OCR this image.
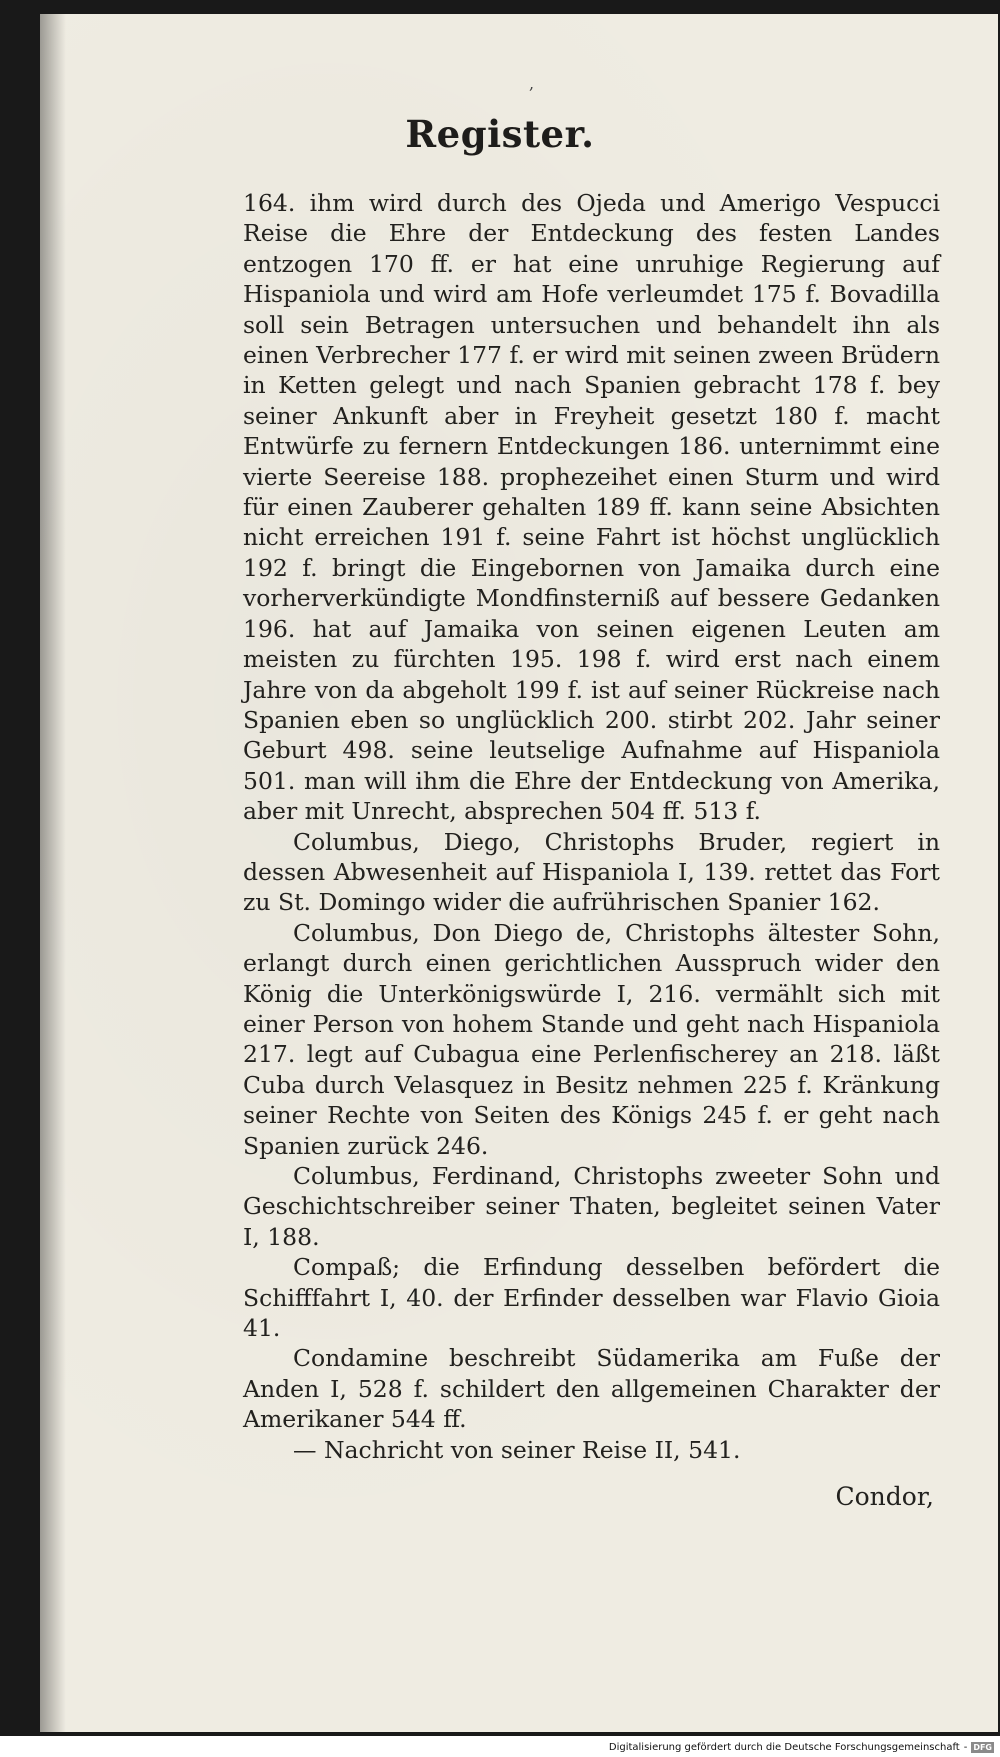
,
Register.

164. ihm wird durch des Ojeda und Amerigo Vespucci Reise die Ehre der Entdeckung des festen Landes entzogen 170 ff. er hat eine unruhige Regierung auf Hispaniola und wird am Hofe verleumdet 175 f. Bovadilla soll sein Betragen untersuchen und behandelt ihn als einen Verbrecher 177 f. er wird mit seinen zween Brüdern in Ketten gelegt und nach Spanien gebracht 178 f. bey seiner Ankunft aber in Freyheit gesetzt 180 f. macht Entwürfe zu fernern Entdeckungen 186. unternimmt eine vierte Seereise 188. prophezeihet einen Sturm und wird für einen Zauberer gehalten 189 ff. kann seine Absichten nicht erreichen 191 f. seine Fahrt ist höchst unglücklich 192 f. bringt die Eingebornen von Jamaika durch eine vorherverkündigte Mondfinsterniß auf bessere Gedanken 196. hat auf Jamaika von seinen eigenen Leuten am meisten zu fürchten 195. 198 f. wird erst nach einem Jahre von da abgeholt 199 f. ist auf seiner Rückreise nach Spanien eben so unglücklich 200. stirbt 202. Jahr seiner Geburt 498. seine leutselige Aufnahme auf Hispaniola 501. man will ihm die Ehre der Entdeckung von Amerika, aber mit Unrecht, absprechen 504 ff. 513 f.

Columbus, Diego, Christophs Bruder, regiert in dessen Abwesenheit auf Hispaniola I, 139. rettet das Fort zu St. Domingo wider die aufrührischen Spanier 162.

Columbus, Don Diego de, Christophs ältester Sohn, erlangt durch einen gerichtlichen Ausspruch wider den König die Unterkönigswürde I, 216. vermählt sich mit einer Person von hohem Stande und geht nach Hispaniola 217. legt auf Cubagua eine Perlenfischerey an 218. läßt Cuba durch Velasquez in Besitz nehmen 225 f. Kränkung seiner Rechte von Seiten des Königs 245 f. er geht nach Spanien zurück 246.

Columbus, Ferdinand, Christophs zweeter Sohn und Geschichtschreiber seiner Thaten, begleitet seinen Vater I, 188.

Compaß; die Erfindung desselben befördert die Schifffahrt I, 40. der Erfinder desselben war Flavio Gioia 41.

Condamine beschreibt Südamerika am Fuße der Anden I, 528 f. schildert den allgemeinen Charakter der Amerikaner 544 ff.

— Nachricht von seiner Reise II, 541.

Condor,
Digitalisierung gefördert durch die Deutsche Forschungsgemeinschaft - DFG
